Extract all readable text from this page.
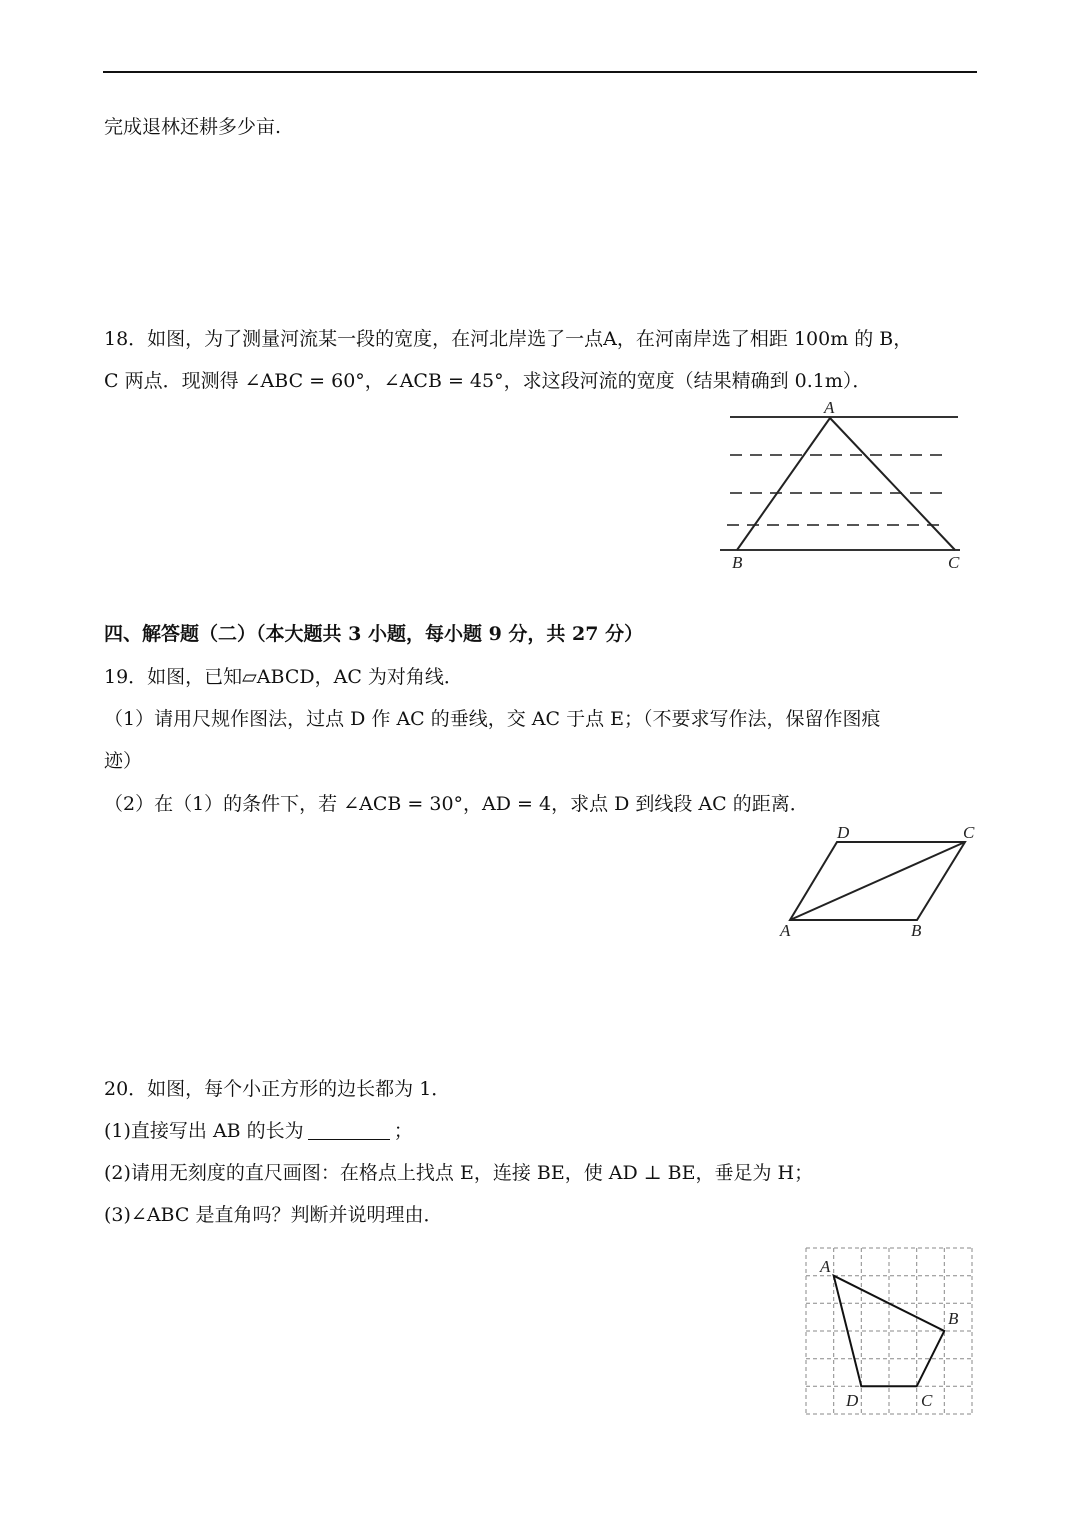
完成退林还耕多少亩.
18．如图，为了测量河流某一段的宽度，在河北岸选了一点A，在河南岸选了相距 100m 的 B，
C 两点．现测得 ∠ABC = 60°，∠ACB = 45°，求这段河流的宽度（结果精确到 0.1m）．
A
B	C
四、解答题（二）（本大题共 3 小题，每小题 9 分，共 27 分）
19．如图，已知▱ABCD，AC 为对角线．
（1）请用尺规作图法，过点 D 作 AC 的垂线，交 AC 于点 E；（不要求写作法，保留作图痕
迹）
（2）在（1）的条件下，若 ∠ACB = 30°，AD = 4，求点 D 到线段 AC 的距离．
D	C
A	B
20．如图，每个小正方形的边长都为 1．
(1)直接写出 AB 的长为	；
(2)请用无刻度的直尺画图：在格点上找点 E，连接 BE，使 AD ⊥ BE，垂足为 H；
(3)∠ABC 是直角吗？判断并说明理由．
A
B
D	C
